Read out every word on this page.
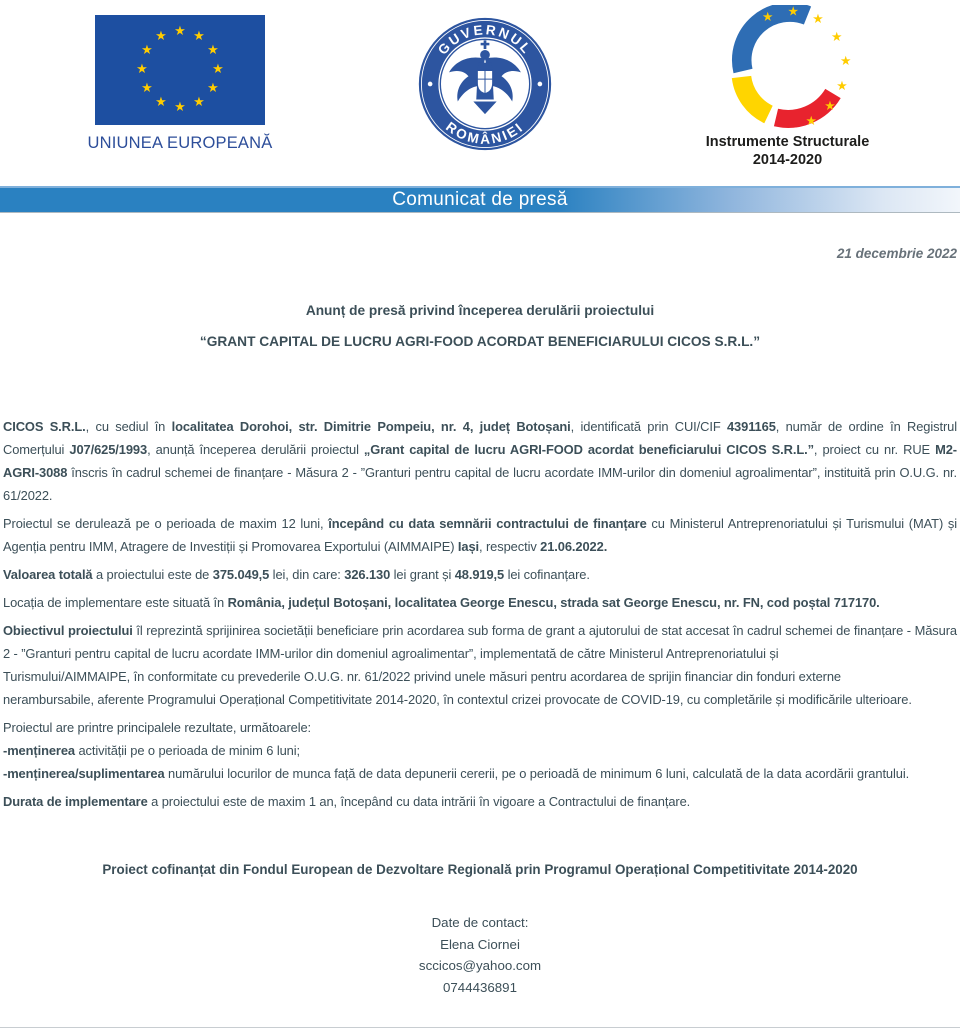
★
★
★
★
★
★
★
★
★ ★ ★
★
UNIUNEA EUROPEANĂ
GUVERNUL
ROMÂNIEI
★ ★ ★
★
★
★
★
★
Instrumente Structurale
2014-2020
Comunicat de presă
21 decembrie 2022
Anunț de presă privind începerea derulării proiectului
“GRANT CAPITAL DE LUCRU AGRI-FOOD ACORDAT BENEFICIARULUI CICOS S.R.L.”

CICOS S.R.L., cu sediul în localitatea Dorohoi, str. Dimitrie Pompeiu, nr. 4, județ Botoșani, identificată prin CUI/CIF 4391165, număr de ordine în Registrul Comerțului J07/625/1993, anunță începerea derulării proiectul „Grant capital de lucru AGRI-FOOD acordat beneficiarului CICOS S.R.L.”, proiect cu nr. RUE M2-AGRI-3088 înscris în cadrul schemei de finanțare - Măsura 2 - ”Granturi pentru capital de lucru acordate IMM-urilor din domeniul agroalimentar”, instituită prin O.U.G. nr. 61/2022.

Proiectul se derulează pe o perioada de maxim 12 luni, începând cu data semnării contractului de finanțare cu Ministerul Antreprenoriatului și Turismului (MAT) și Agenția pentru IMM, Atragere de Investiții și Promovarea Exportului (AIMMAIPE) Iași, respectiv 21.06.2022.

Valoarea totală a proiectului este de 375.049,5 lei, din care: 326.130 lei grant și 48.919,5 lei cofinanțare.

Locația de implementare este situată în România, județul Botoșani, localitatea George Enescu, strada sat George Enescu, nr. FN, cod poștal 717170.

Obiectivul proiectului îl reprezintă sprijinirea societății beneficiare prin acordarea sub forma de grant a ajutorului de stat accesat în cadrul schemei de finanțare - Măsura 2 - ”Granturi pentru capital de lucru acordate IMM-urilor din domeniul agroalimentar”, implementată de către Ministerul Antreprenoriatului și
Turismului/AIMMAIPE, în conformitate cu prevederile O.U.G. nr. 61/2022 privind unele măsuri pentru acordarea de sprijin financiar din fonduri externe
nerambursabile, aferente Programului Operațional Competitivitate 2014-2020, în contextul crizei provocate de COVID-19, cu completările și modificările ulterioare.

Proiectul are printre principalele rezultate, următoarele:
-menținerea activității pe o perioada de minim 6 luni;
-menținerea/suplimentarea numărului locurilor de munca față de data depunerii cererii, pe o perioadă de minimum 6 luni, calculată de la data acordării grantului.

Durata de implementare a proiectului este de maxim 1 an, începând cu data intrării în vigoare a Contractului de finanțare.

Proiect cofinanțat din Fondul European de Dezvoltare Regională prin Programul Operațional Competitivitate 2014-2020
Date de contact:
Elena Ciornei
sccicos@yahoo.com
0744436891
